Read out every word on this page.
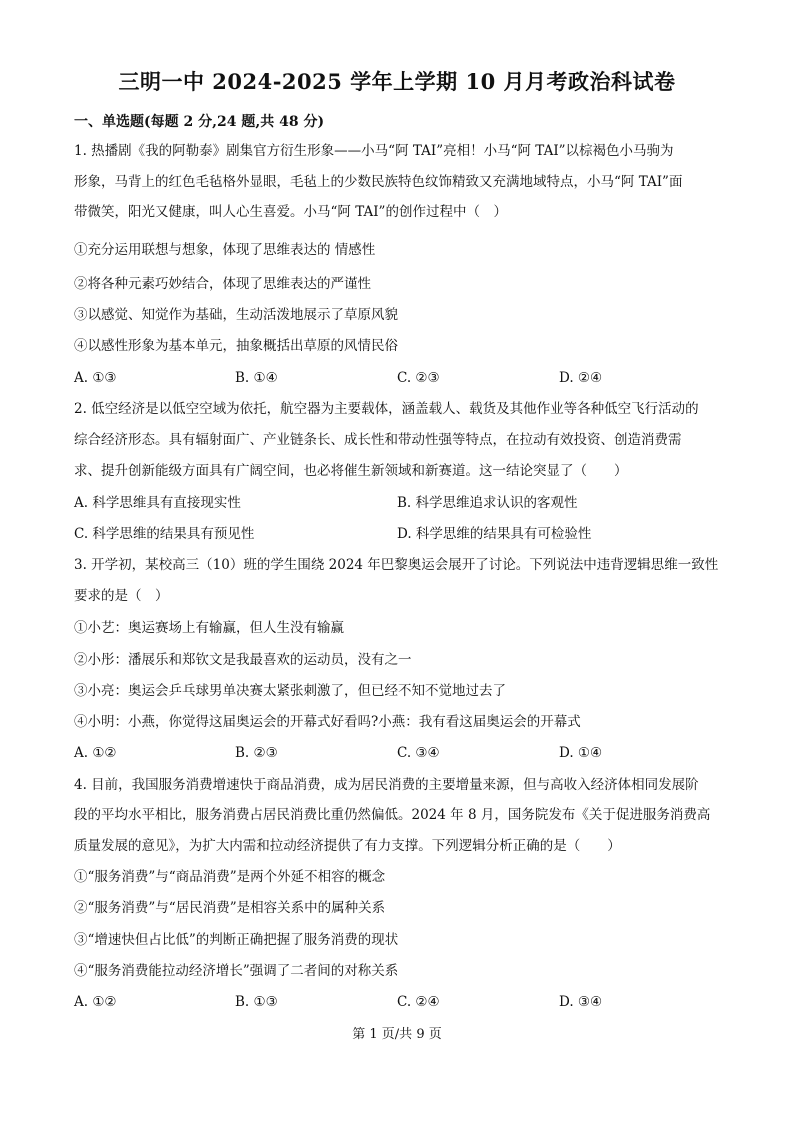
三明一中 2024-2025 学年上学期 10 月月考政治科试卷
一、单选题(每题 2 分,24 题,共 48 分)
1. 热播剧《我的阿勒泰》剧集官方衍生形象——小马“阿 TAI”亮相！小马“阿 TAI”以棕褐色小马驹为
形象，马背上的红色毛毡格外显眼，毛毡上的少数民族特色纹饰精致又充满地域特点，小马“阿 TAI”面
带微笑，阳光又健康，叫人心生喜爱。小马“阿 TAI”的创作过程中（　）
①充分运用联想与想象，体现了思维表达的 情感性
②将各种元素巧妙结合，体现了思维表达的严谨性
③以感觉、知觉作为基础，生动活泼地展示了草原风貌
④以感性形象为基本单元，抽象概括出草原的风情民俗
A. ①③	B. ①④	C. ②③	D. ②④
2. 低空经济是以低空空域为依托，航空器为主要载体，涵盖载人、载货及其他作业等各种低空飞行活动的
综合经济形态。具有辐射面广、产业链条长、成长性和带动性强等特点，在拉动有效投资、创造消费需
求、提升创新能级方面具有广阔空间，也必将催生新领域和新赛道。这一结论突显了（　　）
A. 科学思维具有直接现实性	B. 科学思维追求认识的客观性
C. 科学思维的结果具有预见性	D. 科学思维的结果具有可检验性
3. 开学初，某校高三（10）班的学生围绕 2024 年巴黎奥运会展开了讨论。下列说法中违背逻辑思维一致性
要求的是（　）
①小艺：奥运赛场上有输赢，但人生没有输赢
②小彤：潘展乐和郑钦文是我最喜欢的运动员，没有之一
③小亮：奥运会乒乓球男单决赛太紧张刺激了，但已经不知不觉地过去了
④小明：小燕，你觉得这届奥运会的开幕式好看吗?小燕：我有看这届奥运会的开幕式
A. ①②	B. ②③	C. ③④	D. ①④
4. 目前，我国服务消费增速快于商品消费，成为居民消费的主要增量来源，但与高收入经济体相同发展阶
段的平均水平相比，服务消费占居民消费比重仍然偏低。2024 年 8 月，国务院发布《关于促进服务消费高
质量发展的意见》，为扩大内需和拉动经济提供了有力支撑。下列逻辑分析正确的是（　　）
①“服务消费”与“商品消费”是两个外延不相容的概念
②“服务消费”与“居民消费”是相容关系中的属种关系
③“增速快但占比低”的判断正确把握了服务消费的现状
④“服务消费能拉动经济增长”强调了二者间的对称关系
A. ①②	B. ①③	C. ②④	D. ③④
第 1 页/共 9 页
